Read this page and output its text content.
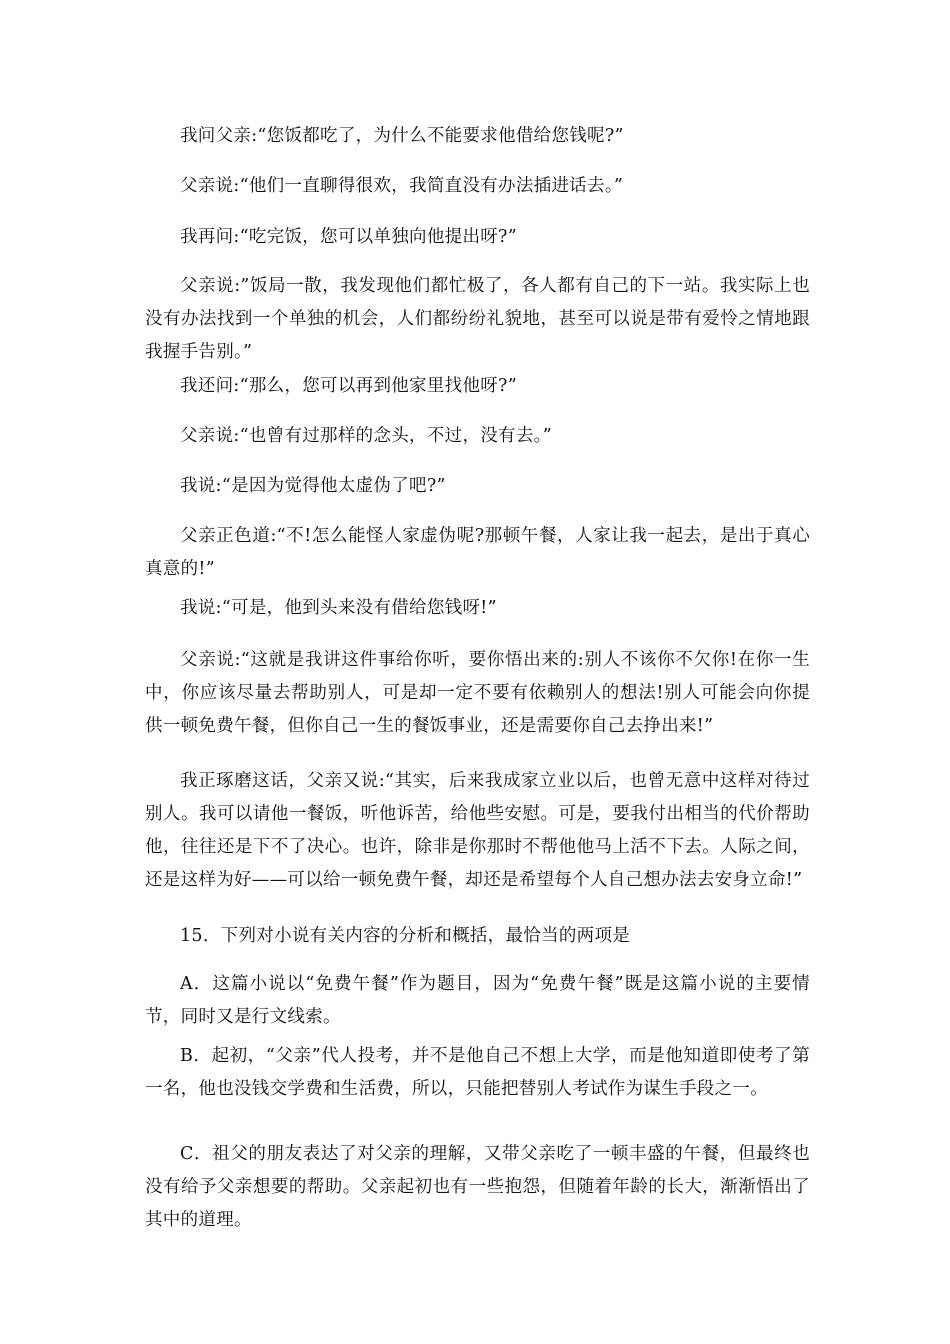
我问父亲:“您饭都吃了，为什么不能要求他借给您钱呢?”

父亲说:“他们一直聊得很欢，我简直没有办法插进话去。”

我再问:“吃完饭，您可以单独向他提出呀?”

父亲说:”饭局一散，我发现他们都忙极了，各人都有自己的下一站。我实际上也没有办法找到一个单独的机会，人们都纷纷礼貌地，甚至可以说是带有爱怜之情地跟我握手告别。”

我还问:“那么，您可以再到他家里找他呀?”

父亲说:“也曾有过那样的念头，不过，没有去。”

我说:“是因为觉得他太虚伪了吧?”

父亲正色道:“不!怎么能怪人家虚伪呢?那顿午餐，人家让我一起去，是出于真心真意的!”

我说:“可是，他到头来没有借给您钱呀!”

父亲说:“这就是我讲这件事给你听，要你悟出来的:别人不该你不欠你!在你一生中，你应该尽量去帮助别人，可是却一定不要有依赖别人的想法!别人可能会向你提供一顿免费午餐，但你自己一生的餐饭事业，还是需要你自己去挣出来!”

我正琢磨这话，父亲又说:“其实，后来我成家立业以后，也曾无意中这样对待过别人。我可以请他一餐饭，听他诉苦，给他些安慰。可是，要我付出相当的代价帮助他，往往还是下不了决心。也许，除非是你那时不帮他他马上活不下去。人际之间，还是这样为好——可以给一顿免费午餐，却还是希望每个人自己想办法去安身立命!”

15．下列对小说有关内容的分析和概括，最恰当的两项是

A．这篇小说以“免费午餐”作为题目，因为“免费午餐”既是这篇小说的主要情节，同时又是行文线索。

B．起初，“父亲”代人投考，并不是他自己不想上大学，而是他知道即使考了第一名，他也没钱交学费和生活费，所以，只能把替别人考试作为谋生手段之一。

C．祖父的朋友表达了对父亲的理解，又带父亲吃了一顿丰盛的午餐，但最终也没有给予父亲想要的帮助。父亲起初也有一些抱怨，但随着年龄的长大，渐渐悟出了其中的道理。
